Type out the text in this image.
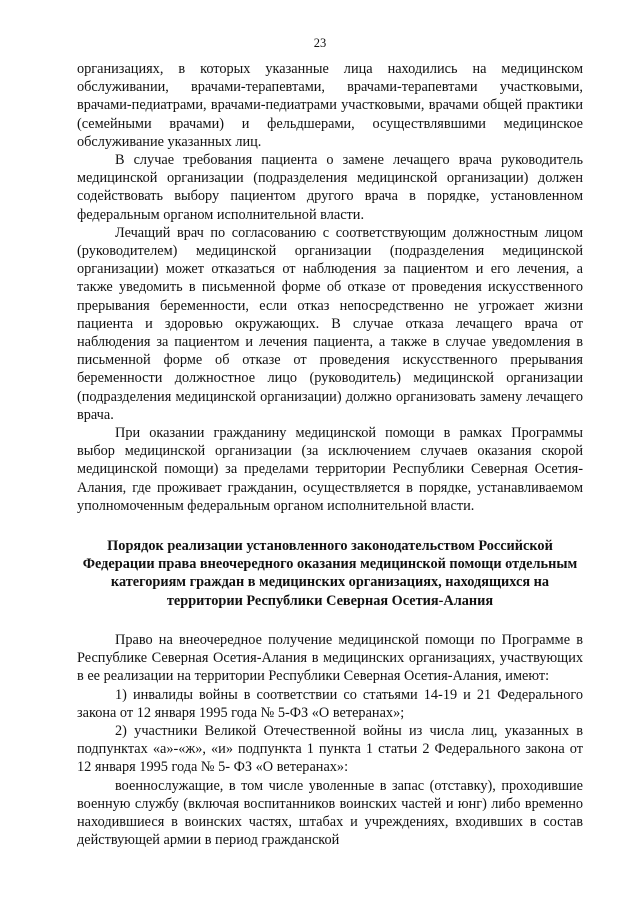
23

организациях, в которых указанные лица находились на медицинском обслуживании, врачами-терапевтами, врачами-терапевтами участковыми, врачами-педиатрами, врачами-педиатрами участковыми, врачами общей практики (семейными врачами) и фельдшерами, осуществлявшими медицинское обслуживание указанных лиц.

В случае требования пациента о замене лечащего врача руководитель медицинской организации (подразделения медицинской организации) должен содействовать выбору пациентом другого врача в порядке, установленном федеральным органом исполнительной власти.

Лечащий врач по согласованию с соответствующим должностным лицом (руководителем) медицинской организации (подразделения медицинской организации) может отказаться от наблюдения за пациентом и его лечения, а также уведомить в письменной форме об отказе от проведения искусственного прерывания беременности, если отказ непосредственно не угрожает жизни пациента и здоровью окружающих. В случае отказа лечащего врача от наблюдения за пациентом и лечения пациента, а также в случае уведомления в письменной форме об отказе от проведения искусственного прерывания беременности должностное лицо (руководитель) медицинской организации (подразделения медицинской организации) должно организовать замену лечащего врача.

При оказании гражданину медицинской помощи в рамках Программы выбор медицинской организации (за исключением случаев оказания скорой медицинской помощи) за пределами территории Республики Северная Осетия-Алания, где проживает гражданин, осуществляется в порядке, устанавливаемом уполномоченным федеральным органом исполнительной власти.

Порядок реализации установленного законодательством Российской Федерации права внеочередного оказания медицинской помощи отдельным категориям граждан в медицинских организациях, находящихся на территории Республики Северная Осетия-Алания

Право на внеочередное получение медицинской помощи по Программе в Республике Северная Осетия-Алания в медицинских организациях, участвующих в ее реализации на территории Республики Северная Осетия-Алания, имеют:

1) инвалиды войны в соответствии со статьями 14-19 и 21 Федерального закона от 12 января 1995 года № 5-ФЗ «О ветеранах»;

2) участники Великой Отечественной войны из числа лиц, указанных в подпунктах «а»-«ж», «и» подпункта 1 пункта 1 статьи 2 Федерального закона от 12 января 1995 года № 5- ФЗ «О ветеранах»:

военнослужащие, в том числе уволенные в запас (отставку), проходившие военную службу (включая воспитанников воинских частей и юнг) либо временно находившиеся в воинских частях, штабах и учреждениях, входивших в состав действующей армии в период гражданской
